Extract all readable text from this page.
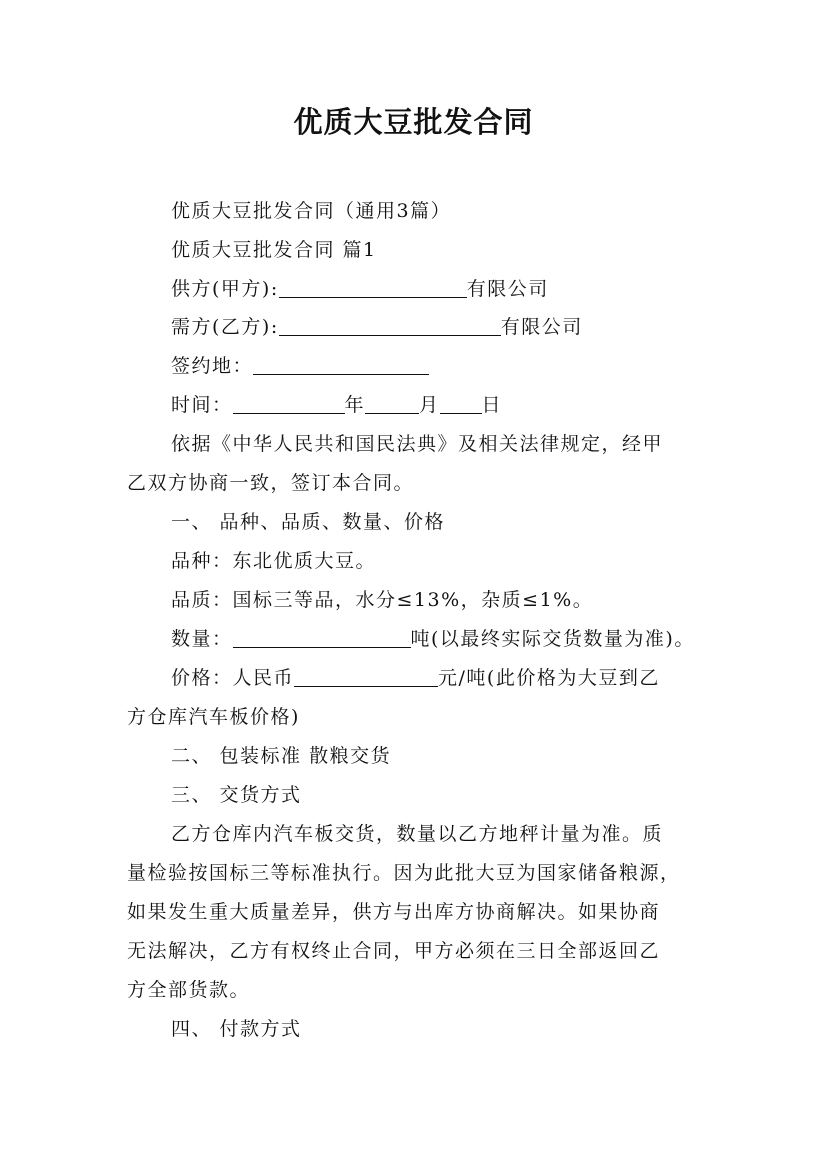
优质大豆批发合同
优质大豆批发合同（通用3篇）
优质大豆批发合同 篇1
供方(甲方):	有限公司
需方(乙方):	有限公司
签约地：
时间：	年	月 日
依据《中华人民共和国民法典》及相关法律规定，经甲
乙双方协商一致，签订本合同。
一、 品种、品质、数量、价格
品种：东北优质大豆。
品质：国标三等品，水分≤13%，杂质≤1%。
数量：	吨(以最终实际交货数量为准)。
价格：人民币	元/吨(此价格为大豆到乙
方仓库汽车板价格)
二、 包装标准 散粮交货
三、 交货方式
乙方仓库内汽车板交货，数量以乙方地秤计量为准。质
量检验按国标三等标准执行。因为此批大豆为国家储备粮源，
如果发生重大质量差异，供方与出库方协商解决。如果协商
无法解决，乙方有权终止合同，甲方必须在三日全部返回乙
方全部货款。
四、 付款方式
